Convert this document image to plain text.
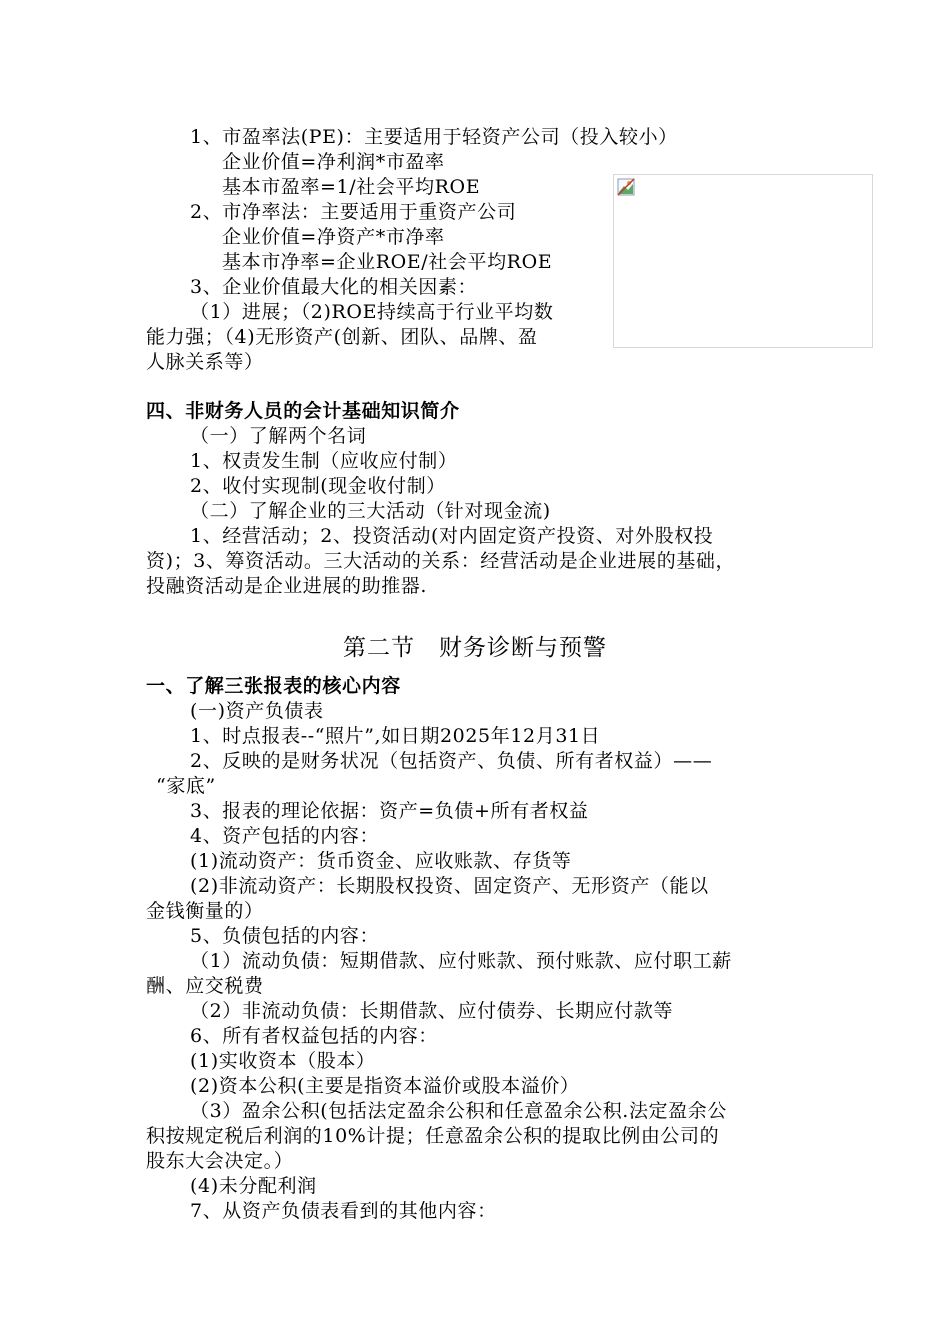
1、市盈率法(PE)：主要适用于轻资产公司（投入较小）
企业价值=净利润*市盈率
基本市盈率=1/社会平均ROE
2、市净率法：主要适用于重资产公司
企业价值=净资产*市净率
基本市净率=企业ROE/社会平均ROE
3、企业价值最大化的相关因素：
（1）进展；（2)ROE持续高于行业平均数
能力强；（4)无形资产(创新、团队、品牌、盈
人脉关系等）
四、非财务人员的会计基础知识简介
（一）了解两个名词
1、权责发生制（应收应付制）
2、收付实现制(现金收付制）
（二）了解企业的三大活动（针对现金流)
1、经营活动；2、投资活动(对内固定资产投资、对外股权投
资)；3、筹资活动。三大活动的关系：经营活动是企业进展的基础，
投融资活动是企业进展的助推器.
第二节　财务诊断与预警
一、了解三张报表的核心内容
(一)资产负债表
1、时点报表--“照片”,如日期2025年12月31日
2、反映的是财务状况（包括资产、负债、所有者权益）——
“家底”
3、报表的理论依据：资产=负债+所有者权益
4、资产包括的内容：
(1)流动资产：货币资金、应收账款、存货等
(2)非流动资产：长期股权投资、固定资产、无形资产（能以
金钱衡量的）
5、负债包括的内容：
（1）流动负债：短期借款、应付账款、预付账款、应付职工薪
酬、应交税费
（2）非流动负债：长期借款、应付债券、长期应付款等
6、所有者权益包括的内容：
(1)实收资本（股本）
(2)资本公积(主要是指资本溢价或股本溢价）
（3）盈余公积(包括法定盈余公积和任意盈余公积.法定盈余公
积按规定税后利润的10%计提；任意盈余公积的提取比例由公司的
股东大会决定。）
(4)未分配利润
7、从资产负债表看到的其他内容：
